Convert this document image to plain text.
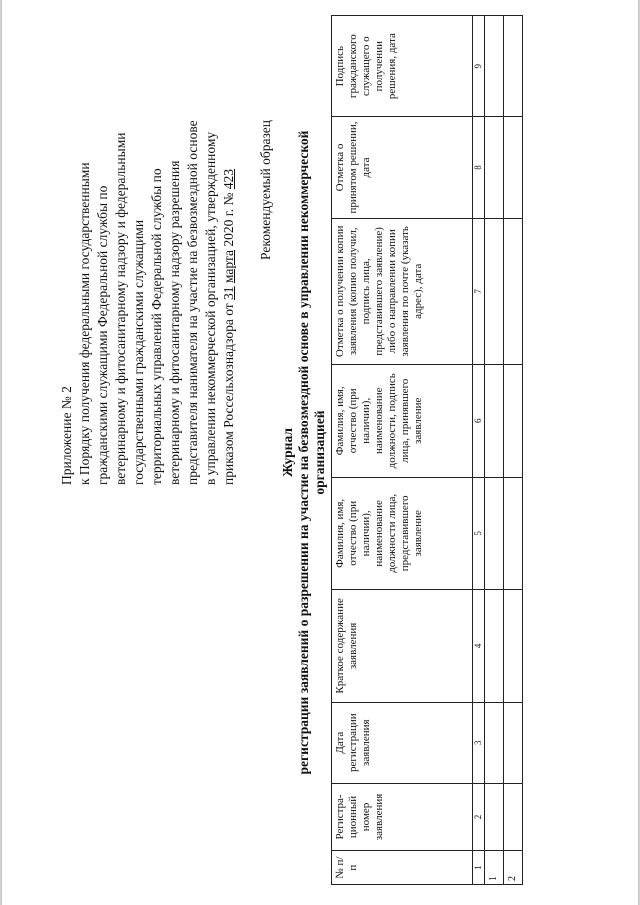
Приложение № 2 к Порядку получения федеральными государственными гражданскими служащими Федеральной службы по ветеринарному и фитосанитарному надзору и федеральными государственными гражданскими служащими территориальных управлений Федеральной службы по ветеринарному и фитосанитарному надзору разрешения представителя нанимателя на участие на безвозмездной основе в управлении некоммерческой организацией, утвержденному приказом Россельхознадзора от 31 марта 2020 г. № 423 Рекомендуемый образец
Журнал регистрации заявлений о разрешении на участие на безвозмездной основе в управлении некоммерческой организацией
№ п/п	Регистра-ционный номер заявления	Дата регистрации заявления	Краткое содержание заявления	Фамилия, имя, отчество (при наличии), наименование должности лица, представившего заявление	Фамилия, имя, отчество (при наличии), наименование должности, подпись лица, принявшего заявление	Отметка о получении копии заявления (копию получил, подпись лица, представившего заявление) либо о направлении копии заявления по почте (указать адрес), дата	Отметка о принятом решении, дата	Подпись гражданского служащего о получении решения, дата
1	2	3	4	5	6	7	8	9
1								
2								
